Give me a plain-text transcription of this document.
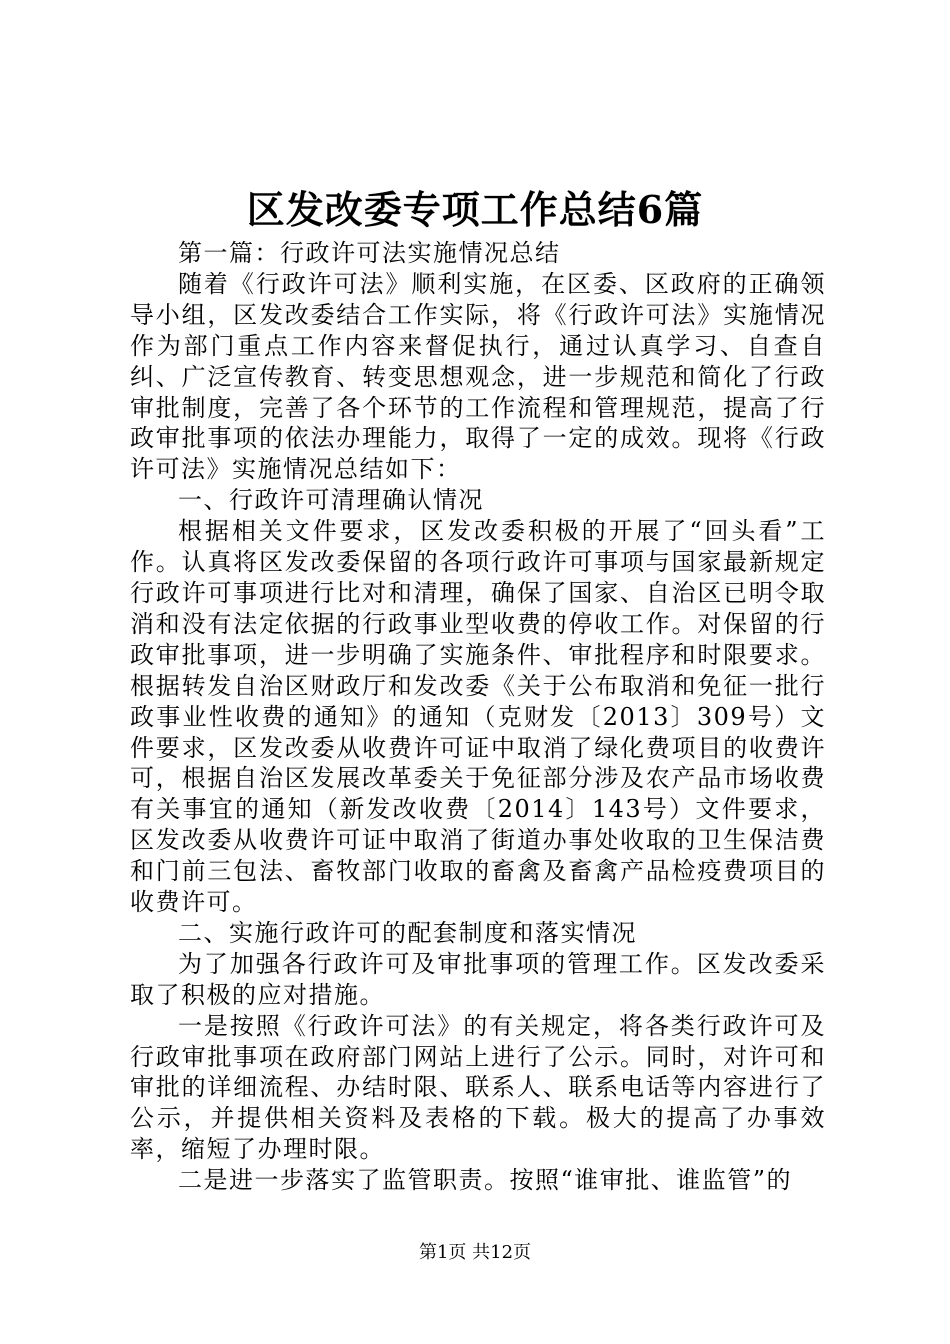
区发改委专项工作总结6篇

第一篇：行政许可法实施情况总结

随着《行政许可法》顺利实施，在区委、区政府的正确领导小组，区发改委结合工作实际，将《行政许可法》实施情况作为部门重点工作内容来督促执行，通过认真学习、自查自纠、广泛宣传教育、转变思想观念，进一步规范和简化了行政审批制度，完善了各个环节的工作流程和管理规范，提高了行政审批事项的依法办理能力，取得了一定的成效。现将《行政许可法》实施情况总结如下：

一、行政许可清理确认情况

根据相关文件要求，区发改委积极的开展了“回头看”工作。认真将区发改委保留的各项行政许可事项与国家最新规定行政许可事项进行比对和清理，确保了国家、自治区已明令取消和没有法定依据的行政事业型收费的停收工作。对保留的行政审批事项，进一步明确了实施条件、审批程序和时限要求。根据转发自治区财政厅和发改委《关于公布取消和免征一批行政事业性收费的通知》的通知（克财发〔2013〕309号）文件要求，区发改委从收费许可证中取消了绿化费项目的收费许可，根据自治区发展改革委关于免征部分涉及农产品市场收费有关事宜的通知（新发改收费〔2014〕143号）文件要求，区发改委从收费许可证中取消了街道办事处收取的卫生保洁费和门前三包法、畜牧部门收取的畜禽及畜禽产品检疫费项目的收费许可。

二、实施行政许可的配套制度和落实情况

为了加强各行政许可及审批事项的管理工作。区发改委采取了积极的应对措施。

一是按照《行政许可法》的有关规定，将各类行政许可及行政审批事项在政府部门网站上进行了公示。同时，对许可和审批的详细流程、办结时限、联系人、联系电话等内容进行了公示，并提供相关资料及表格的下载。极大的提高了办事效率，缩短了办理时限。

二是进一步落实了监管职责。按照“谁审批、谁监管”的

第1页 共12页
